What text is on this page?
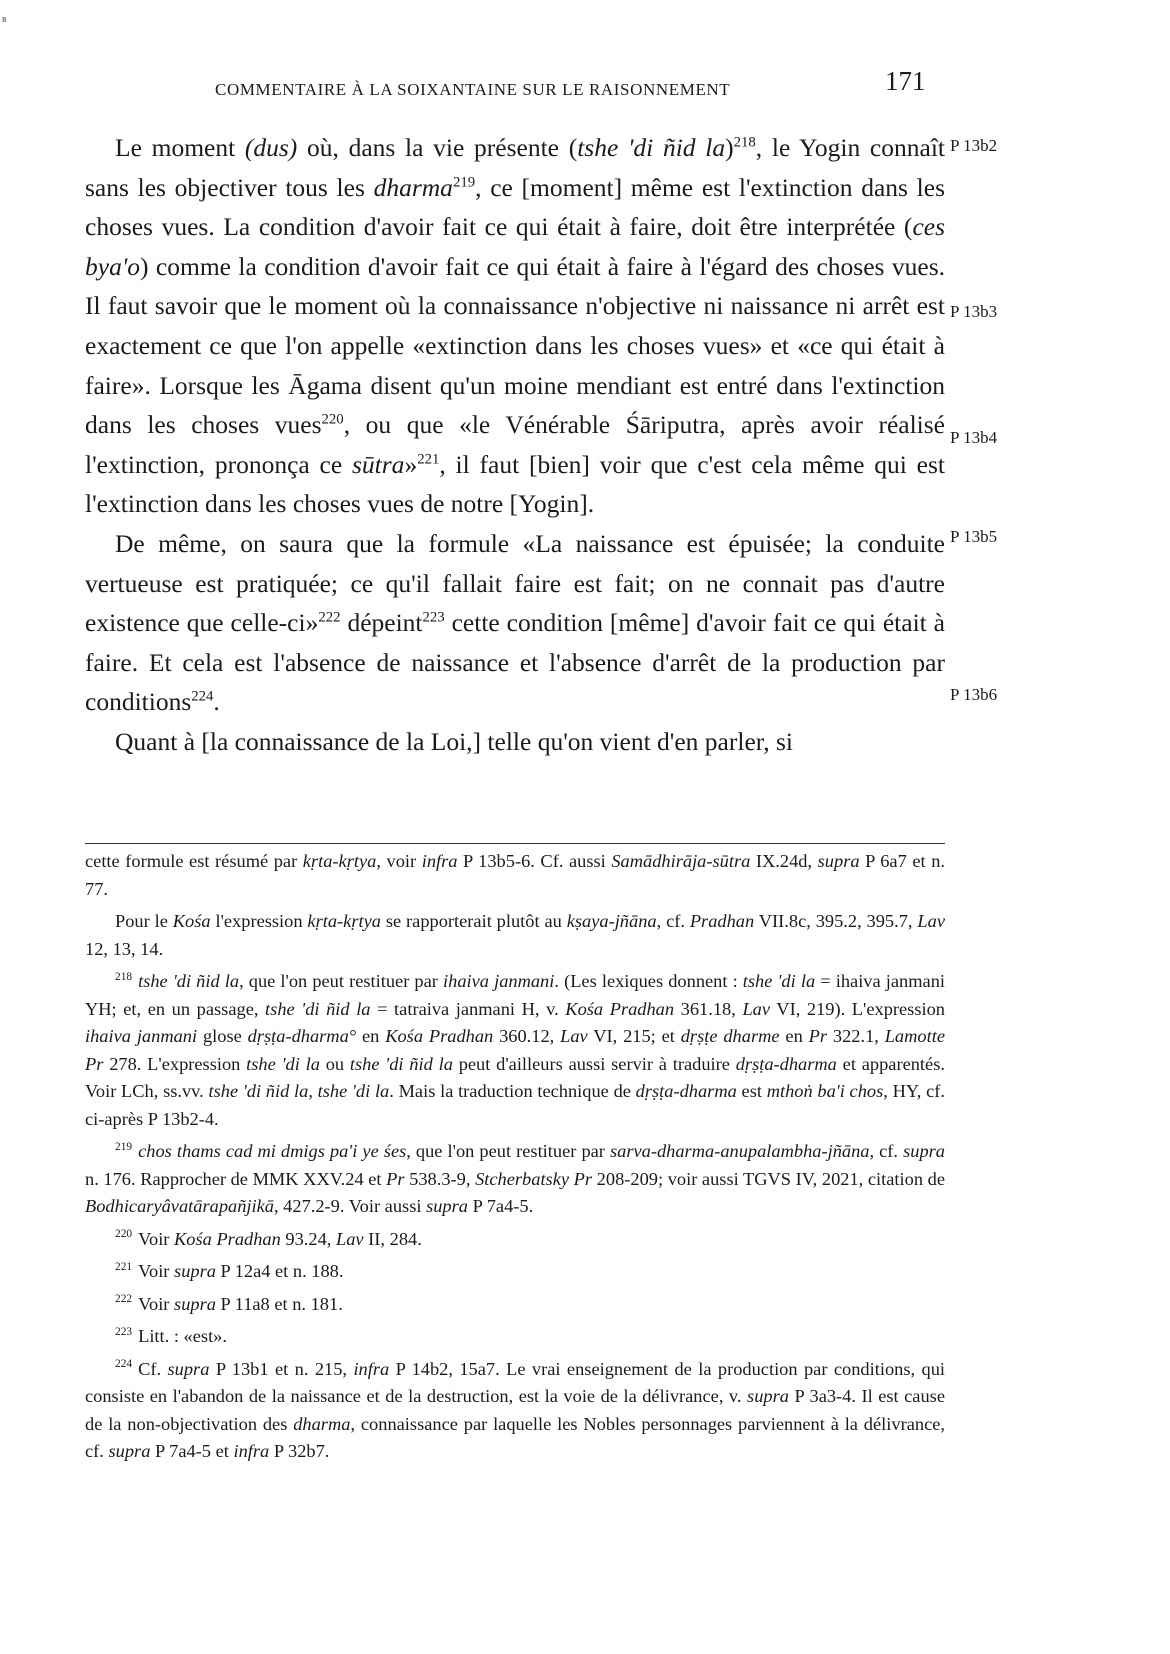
ʀ
COMMENTAIRE À LA SOIXANTAINE SUR LE RAISONNEMENT	171

Le moment (dus) où, dans la vie présente (tshe 'di ñid la)$^{218}$, le Yogin connaît sans les objectiver tous les dharma$^{219}$, ce [moment] même est l'extinction dans les choses vues. La condition d'avoir fait ce qui était à faire, doit être interprétée (ces bya'o) comme la condition d'avoir fait ce qui était à faire à l'égard des choses vues. Il faut savoir que le moment où la connaissance n'objective ni naissance ni arrêt est exactement ce que l'on appelle «extinction dans les choses vues» et «ce qui était à faire». Lorsque les Āgama disent qu'un moine mendiant est entré dans l'extinction dans les choses vues$^{220}$, ou que «le Vénérable Śāriputra, après avoir réalisé l'extinction, prononça ce sūtra»$^{221}$, il faut [bien] voir que c'est cela même qui est l'extinction dans les choses vues de notre [Yogin].

De même, on saura que la formule «La naissance est épuisée; la conduite vertueuse est pratiquée; ce qu'il fallait faire est fait; on ne connait pas d'autre existence que celle-ci»$^{222}$ dépeint$^{223}$ cette condition [même] d'avoir fait ce qui était à faire. Et cela est l'absence de naissance et l'absence d'arrêt de la production par conditions$^{224}$.

Quant à [la connaissance de la Loi,] telle qu'on vient d'en parler, si

P 13b2
P 13b3
P 13b4
P 13b5
P 13b6

cette formule est résumé par kṛta-kṛtya, voir infra P 13b5-6. Cf. aussi Samādhirāja-sūtra IX.24d, supra P 6a7 et n. 77.

Pour le Kośa l'expression kṛta-kṛtya se rapporterait plutôt au kṣaya-jñāna, cf. Pradhan VII.8c, 395.2, 395.7, Lav 12, 13, 14.

$^{218}$ tshe 'di ñid la, que l'on peut restituer par ihaiva janmani. (Les lexiques donnent : tshe 'di la = ihaiva janmani YH; et, en un passage, tshe 'di ñid la = tatraiva janmani H, v. Kośa Pradhan 361.18, Lav VI, 219). L'expression ihaiva janmani glose dṛṣṭa-dharma° en Kośa Pradhan 360.12, Lav VI, 215; et dṛṣṭe dharme en Pr 322.1, Lamotte Pr 278. L'expression tshe 'di la ou tshe 'di ñid la peut d'ailleurs aussi servir à traduire dṛṣṭa-dharma et apparentés. Voir LCh, ss.vv. tshe 'di ñid la, tshe 'di la. Mais la traduction technique de dṛṣṭa-dharma est mthoṅ ba'i chos, HY, cf. ci-après P 13b2-4.

$^{219}$ chos thams cad mi dmigs pa'i ye śes, que l'on peut restituer par sarva-dharma-anupalambha-jñāna, cf. supra n. 176. Rapprocher de MMK XXV.24 et Pr 538.3-9, Stcherbatsky Pr 208-209; voir aussi TGVS IV, 2021, citation de Bodhicaryâvatārapañjikā, 427.2-9. Voir aussi supra P 7a4-5.

$^{220}$ Voir Kośa Pradhan 93.24, Lav II, 284.

$^{221}$ Voir supra P 12a4 et n. 188.

$^{222}$ Voir supra P 11a8 et n. 181.

$^{223}$ Litt. : «est».

$^{224}$ Cf. supra P 13b1 et n. 215, infra P 14b2, 15a7. Le vrai enseignement de la production par conditions, qui consiste en l'abandon de la naissance et de la destruction, est la voie de la délivrance, v. supra P 3a3-4. Il est cause de la non-objectivation des dharma, connaissance par laquelle les Nobles personnages parviennent à la délivrance, cf. supra P 7a4-5 et infra P 32b7.
